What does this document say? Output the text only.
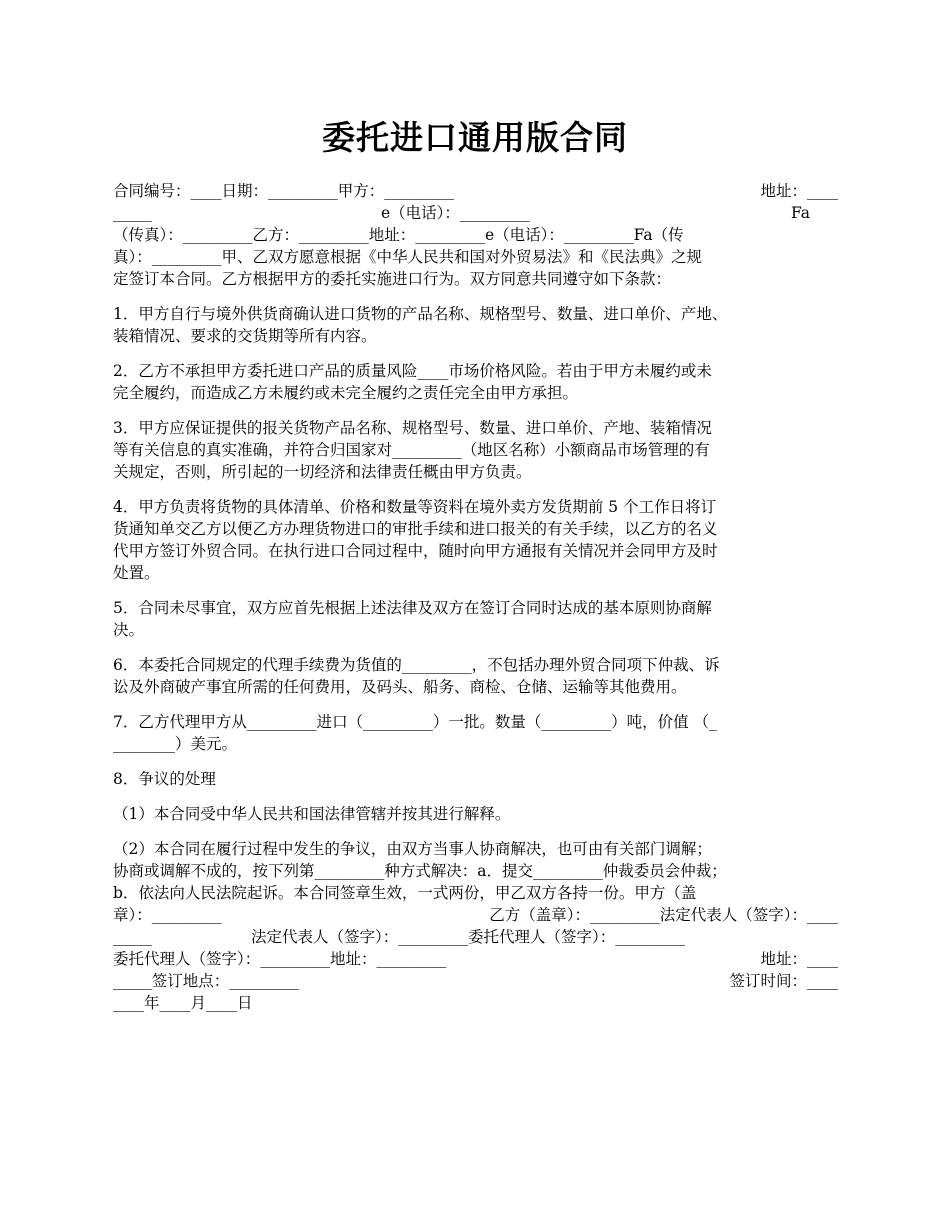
委托进口通用版合同
合同编号：____日期：_________甲方：_________	地址：____
_____	e（电话）：_________	Fa
（传真）：_________乙方：_________地址：_________e（电话）：_________Fa（传
真）：_________甲、乙双方愿意根据《中华人民共和国对外贸易法》和《民法典》之规
定签订本合同。乙方根据甲方的委托实施进口行为。双方同意共同遵守如下条款：
1．甲方自行与境外供货商确认进口货物的产品名称、规格型号、数量、进口单价、产地、
装箱情况、要求的交货期等所有内容。
2．乙方不承担甲方委托进口产品的质量风险____市场价格风险。若由于甲方未履约或未
完全履约，而造成乙方未履约或未完全履约之责任完全由甲方承担。
3．甲方应保证提供的报关货物产品名称、规格型号、数量、进口单价、产地、装箱情况
等有关信息的真实准确，并符合归国家对_________（地区名称）小额商品市场管理的有
关规定，否则，所引起的一切经济和法律责任概由甲方负责。
4．甲方负责将货物的具体清单、价格和数量等资料在境外卖方发货期前 5 个工作日将订
货通知单交乙方以便乙方办理货物进口的审批手续和进口报关的有关手续，以乙方的名义
代甲方签订外贸合同。在执行进口合同过程中，随时向甲方通报有关情况并会同甲方及时
处置。
5．合同未尽事宜，双方应首先根据上述法律及双方在签订合同时达成的基本原则协商解
决。
6．本委托合同规定的代理手续费为货值的_________，不包括办理外贸合同项下仲裁、诉
讼及外商破产事宜所需的任何费用，及码头、船务、商检、仓储、运输等其他费用。
7．乙方代理甲方从_________进口（_________）一批。数量（_________）吨，价值 （_
________）美元。
8．争议的处理
（1）本合同受中华人民共和国法律管辖并按其进行解释。
（2）本合同在履行过程中发生的争议，由双方当事人协商解决，也可由有关部门调解；
协商或调解不成的，按下列第_________种方式解决：a．提交_________仲裁委员会仲裁；
b．依法向人民法院起诉。本合同签章生效，一式两份，甲乙双方各持一份。甲方（盖
章）：_________	乙方（盖章）：_________法定代表人（签字）：____
_____	法定代表人（签字）：_________委托代理人（签字）：_________
委托代理人（签字）：_________地址：_________	地址：____
_____签订地点：_________	签订时间：____
____年____月____日
